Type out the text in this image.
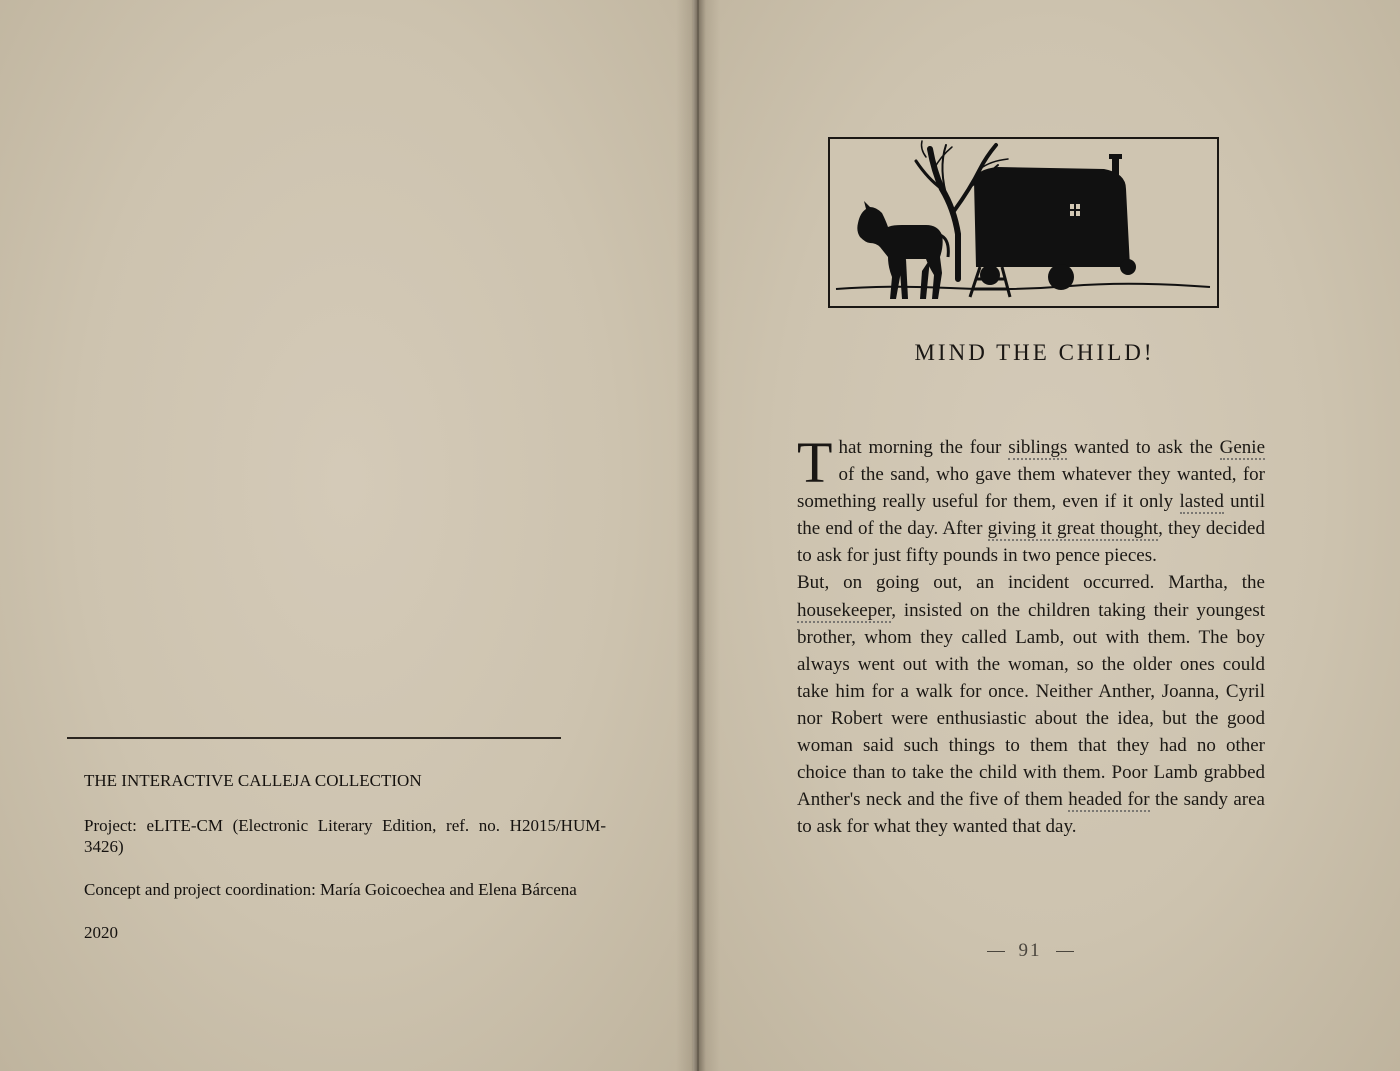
THE INTERACTIVE CALLEJA COLLECTION

Project: eLITE-CM (Electronic Literary Edition, ref. no. H2015/HUM-3426)

Concept and project coordination: María Goicoechea and Elena Bárcena

2020

MIND THE CHILD!

That morning the four siblings wanted to ask the Genie of the sand, who gave them whatever they wanted, for something really useful for them, even if it only lasted until the end of the day. After giving it great thought, they decided to ask for just fifty pounds in two pence pieces.

But, on going out, an incident occurred. Martha, the housekeeper, insisted on the children taking their youngest brother, whom they called Lamb, out with them. The boy always went out with the woman, so the older ones could take him for a walk for once. Neither Anther, Joanna, Cyril nor Robert were enthusiastic about the idea, but the good woman said such things to them that they had no other choice than to take the child with them. Poor Lamb grabbed Anther's neck and the five of them headed for the sandy area to ask for what they wanted that day.

91
